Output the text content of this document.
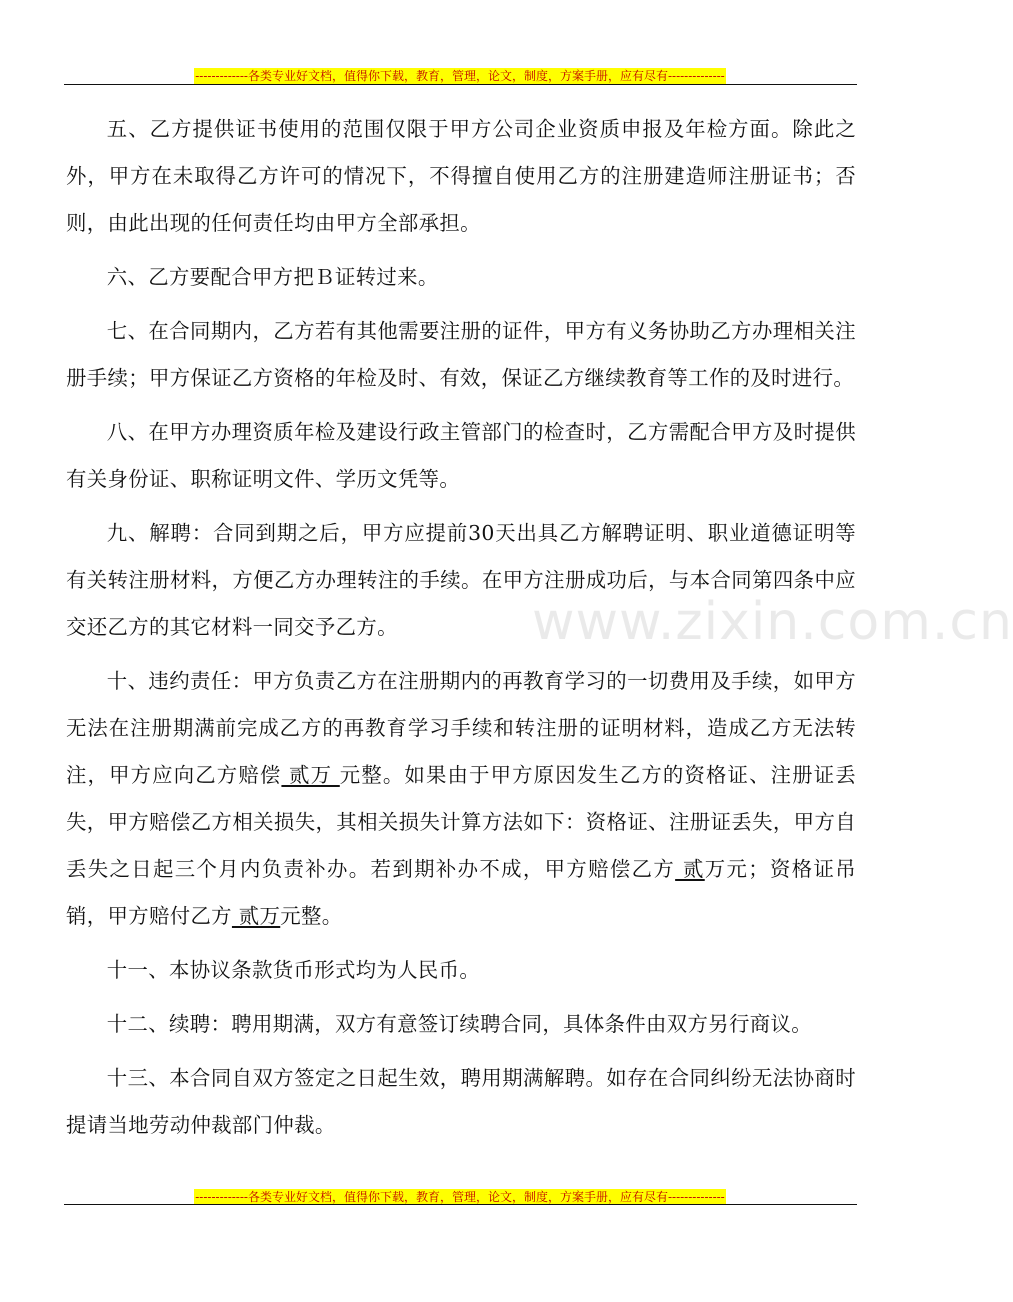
-------------各类专业好文档，值得你下载，教育，管理，论文，制度，方案手册，应有尽有--------------
www.zixin.com.cn

五、乙方提供证书使用的范围仅限于甲方公司企业资质申报及年检方面。除此之外，甲方在未取得乙方许可的情况下，不得擅自使用乙方的注册建造师注册证书；否则，由此出现的任何责任均由甲方全部承担。

六、乙方要配合甲方把Ｂ证转过来。

七、在合同期内，乙方若有其他需要注册的证件，甲方有义务协助乙方办理相关注册手续；甲方保证乙方资格的年检及时、有效，保证乙方继续教育等工作的及时进行。

八、在甲方办理资质年检及建设行政主管部门的检查时，乙方需配合甲方及时提供有关身份证、职称证明文件、学历文凭等。

九、解聘：合同到期之后，甲方应提前30天出具乙方解聘证明、职业道德证明等有关转注册材料，方便乙方办理转注的手续。在甲方注册成功后，与本合同第四条中应交还乙方的其它材料一同交予乙方。

十、违约责任：甲方负责乙方在注册期内的再教育学习的一切费用及手续，如甲方无法在注册期满前完成乙方的再教育学习手续和转注册的证明材料，造成乙方无法转注，甲方应向乙方赔偿 贰万 元整。如果由于甲方原因发生乙方的资格证、注册证丢失，甲方赔偿乙方相关损失，其相关损失计算方法如下：资格证、注册证丢失，甲方自丢失之日起三个月内负责补办。若到期补办不成，甲方赔偿乙方 贰万元；资格证吊销，甲方赔付乙方 贰万元整。

十一、本协议条款货币形式均为人民币。

十二、续聘：聘用期满，双方有意签订续聘合同，具体条件由双方另行商议。

十三、本合同自双方签定之日起生效，聘用期满解聘。如存在合同纠纷无法协商时提请当地劳动仲裁部门仲裁。

-------------各类专业好文档，值得你下载，教育，管理，论文，制度，方案手册，应有尽有--------------
